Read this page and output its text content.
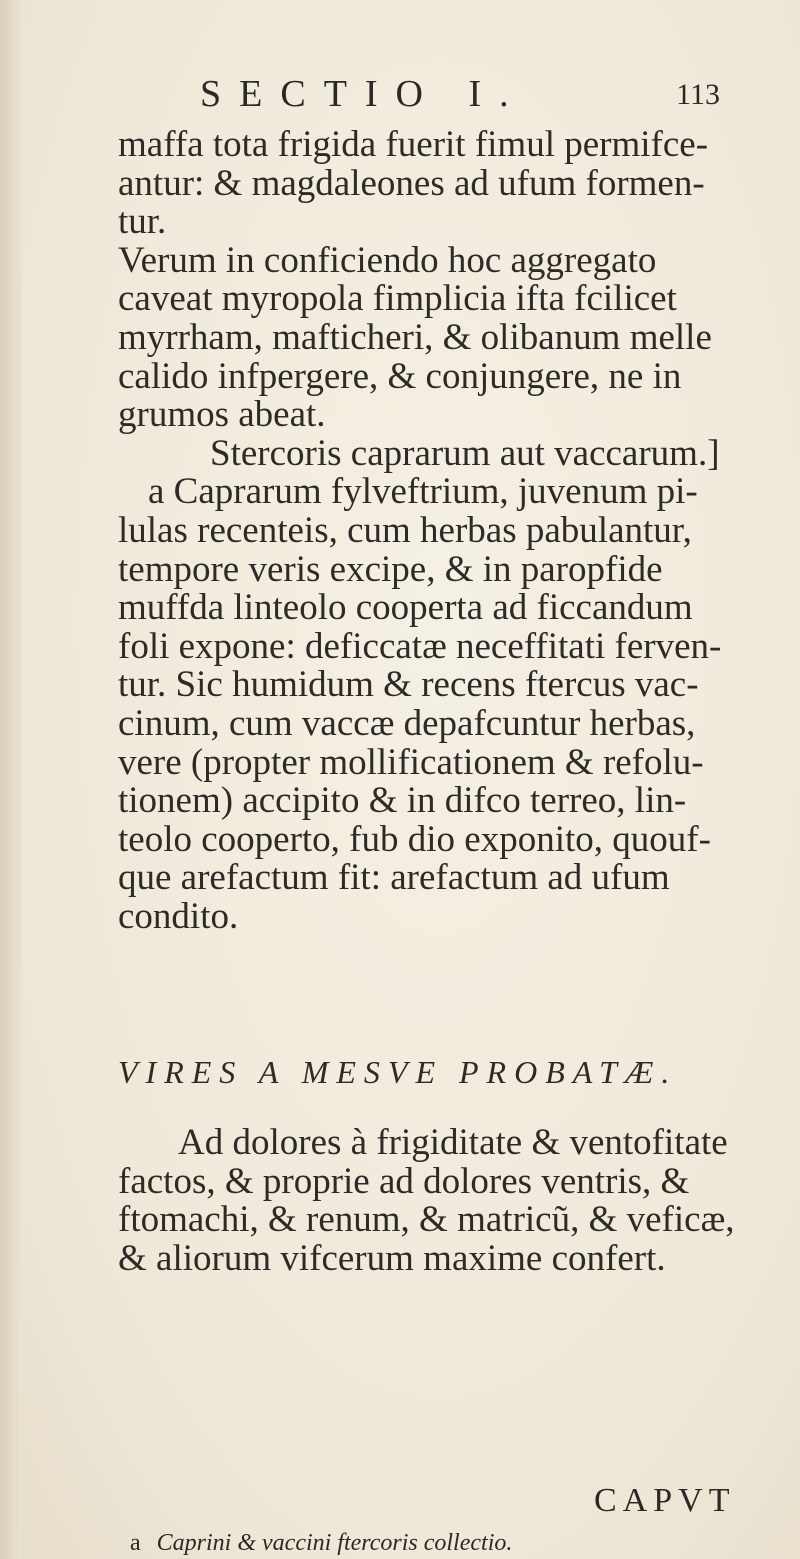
SECTIO I.	113
maffa tota frigida fuerit fimul permifce-
antur: & magdaleones ad ufum formen-
tur.
Verum in conficiendo hoc aggregato
caveat myropola fimplicia ifta fcilicet
myrrham, mafticheri, & olibanum melle
calido infpergere, & conjungere, ne in
grumos abeat.
Stercoris caprarum aut vaccarum.]
a Caprarum fylveftrium, juvenum pi-
lulas recenteis, cum herbas pabulantur,
tempore veris excipe, & in paropfide
muffda linteolo cooperta ad ficcandum
foli expone: deficcatæ neceffitati ferven-
tur. Sic humidum & recens ftercus vac-
cinum, cum vaccæ depafcuntur herbas,
vere (propter mollificationem & refolu-
tionem) accipito & in difco terreo, lin-
teolo cooperto, fub dio exponito, quouf-
que arefactum fit: arefactum ad ufum
condito.
VIRES A MESVE PROBATÆ.
Ad dolores à frigiditate & ventofitate
factos, & proprie ad dolores ventris, &
ftomachi, & renum, & matricũ, & veficæ,
& aliorum vifcerum maxime confert.
CAPVT
a Caprini & vaccini ftercoris collectio.
